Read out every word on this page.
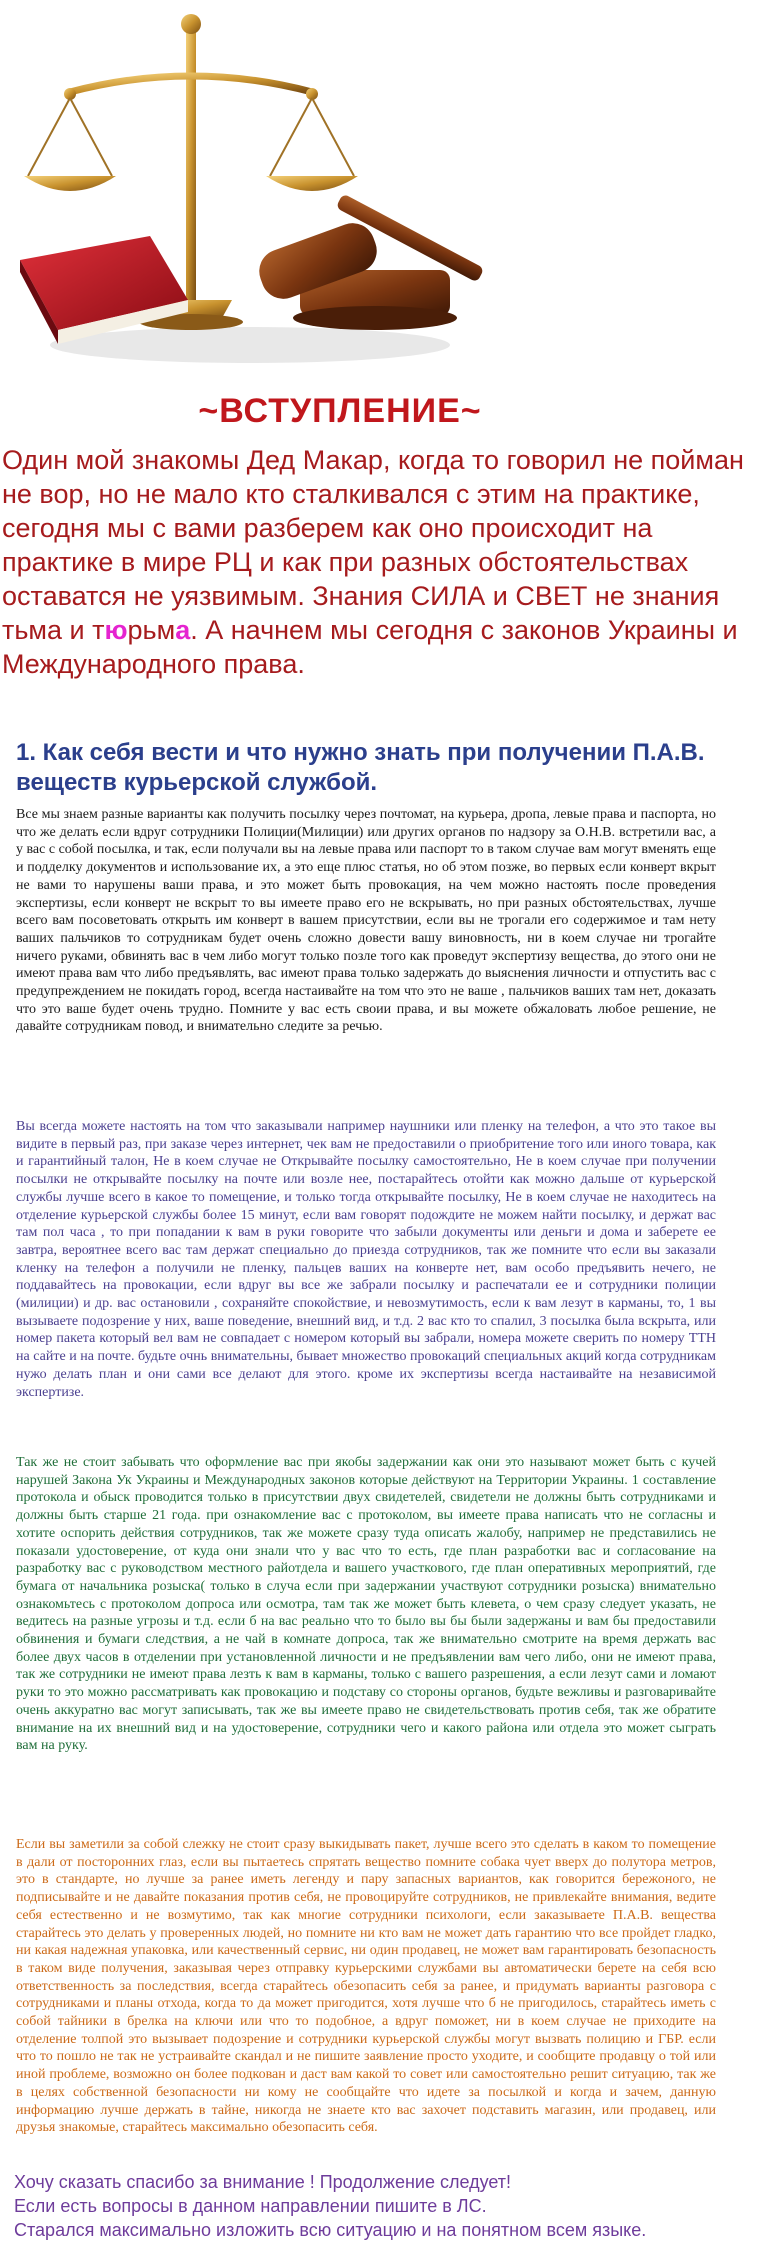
~ВСТУПЛЕНИЕ~
Один мой знакомы Дед Макар, когда то говорил не пойман не вор, но не мало кто сталкивался с этим на практике, сегодня мы с вами разберем как оно происходит на практике в мире РЦ и как при разных обстоятельствах оставатся не уязвимым. Знания СИЛА и СВЕТ не знания тьма и тюрьма. А начнем мы сегодня с законов Украины и Международного права.
1. Как себя вести и что нужно знать при получении П.А.В. веществ курьерской службой.
Все мы знаем разные варианты как получить посылку через почтомат, на курьера, дропа, левые права и паспорта, но что же делать если вдруг сотрудники Полиции(Милиции) или других органов по надзору за О.Н.В. встретили вас, а у вас с собой посылка, и так, если получали вы на левые права или паспорт то в таком случае вам могут вменять еще и подделку документов и использование их, а это еще плюс статья, но об этом позже, во первых если конверт вкрыт не вами то нарушены ваши права, и это может быть провокация, на чем можно настоять после проведения экспертизы, если конверт не вскрыт то вы имеете право его не вскрывать, но при разных обстоятельствах, лучше всего вам посоветовать открыть им конверт в вашем присутствии, если вы не трогали его содержимое и там нету ваших пальчиков то сотрудникам будет очень сложно довести вашу виновность, ни в коем случае ни трогайте ничего руками, обвинять вас в чем либо могут только позле того как проведут экспертизу вещества, до этого они не имеют права вам что либо предъявлять, вас имеют права только задержать до выяснения личности и отпустить вас с предупреждением не покидать город, всегда настаивайте на том что это не ваше , пальчиков ваших там нет, доказать что это ваше будет очень трудно. Помните у вас есть своии права, и вы можете обжаловать любое решение, не давайте сотрудникам повод, и внимательно следите за речью.
Вы всегда можете настоять на том что заказывали например наушники или пленку на телефон, а что это такое вы видите в первый раз, при заказе через интернет, чек вам не предоставили о приобритение того или иного товара, как и гарантийный талон, Не в коем случае не Открывайте посылку самостоятельно, Не в коем случае при получении посылки не открывайте посылку на почте или возле нее, постарайтесь отойти как можно дальше от курьерской службы лучше всего в какое то помещение, и только тогда открывайте посылку, Не в коем случае не находитесь на отделение курьерской службы более 15 минут, если вам говорят подождите не можем найти посылку, и держат вас там пол часа , то при попадании к вам в руки говорите что забыли документы или деньги и дома и заберете ее завтра, вероятнее всего вас там держат специально до приезда сотрудников, так же помните что если вы заказали кленку на телефон а получили не пленку, пальцев ваших на конверте нет, вам особо предъявить нечего, не поддавайтесь на провокации, если вдруг вы все же забрали посылку и распечатали ее и сотрудники полиции (милиции) и др. вас остановили , сохраняйте спокойствие, и невозмутимость, если к вам лезут в карманы, то, 1 вы вызываете подозрение у них, ваше поведение, внешний вид, и т.д. 2 вас кто то спалил, 3 посылка была вскрыта, или номер пакета который вел вам не совпадает с номером который вы забрали, номера можете сверить по номеру ТТН на сайте и на почте. будьте очнь внимательны, бывает множество провокаций специальных акций когда сотрудникам нужо делать план и они сами все делают для этого. кроме их экспертизы всегда настаивайте на независимой экспертизе.
Так же не стоит забывать что оформление вас при якобы задержании как они это называют может быть с кучей нарушей Закона Ук Украины и Международных законов которые действуют на Территории Украины. 1 составление протокола и обыск проводится только в присутствии двух свидетелей, свидетели не должны быть сотрудниками и должны быть старше 21 года. при ознакомление вас с протоколом, вы имеете права написать что не согласны и хотите оспорить действия сотрудников, так же можете сразу туда описать жалобу, например не представились не показали удостоверение, от куда они знали что у вас что то есть, где план разработки вас и согласование на разработку вас с руководством местного райотдела и вашего участкового, где план оперативных мероприятий, где бумага от начальника розыска( только в случа если при задержании участвуют сотрудники розыска) внимательно ознакомьтесь с протоколом допроса или осмотра, там так же может быть клевета, о чем сразу следует указать, не ведитесь на разные угрозы и т.д. если б на вас реально что то было вы бы были задержаны и вам бы предоставили обвинения и бумаги следствия, а не чай в комнате допроса, так же внимательно смотрите на время держать вас более двух часов в отделении при установленной личности и не предъявлении вам чего либо, они не имеют права, так же сотрудники не имеют права лезть к вам в карманы, только с вашего разрешения, а если лезут сами и ломают руки то это можно рассматривать как провокацию и подставу со стороны органов, будьте вежливы и разговаривайте очень аккуратно вас могут записывать, так же вы имеете право не свидетельствовать против себя, так же обратите внимание на их внешний вид и на удостоверение, сотрудники чего и какого района или отдела это может сыграть вам на руку.
Если вы заметили за собой слежку не стоит сразу выкидывать пакет, лучше всего это сделать в каком то помещение в дали от посторонних глаз, если вы пытаетесь спрятать вещество помните собака чует вверх до полутора метров, это в стандарте, но лучше за ранее иметь легенду и пару запасных вариантов, как говорится бережоного, не подписывайте и не давайте показания против себя, не провоцируйте сотрудников, не привлекайте внимания, ведите себя естественно и не возмутимо, так как многие сотрудники психологи, если заказываете П.А.В. вещества старайтесь это делать у проверенных людей, но помните ни кто вам не может дать гарантию что все пройдет гладко, ни какая надежная упаковка, или качественный сервис, ни один продавец, не может вам гарантировать безопасность в таком виде получения, заказывая через отправку курьерскими службами вы автоматически берете на себя всю ответственность за последствия, всегда старайтесь обезопасить себя за ранее, и придумать варианты разговора с сотрудниками и планы отхода, когда то да может пригодится, хотя лучше что б не пригодилось, старайтесь иметь с собой тайники в брелка на ключи или что то подобное, а вдруг поможет, ни в коем случае не приходите на отделение толпой это вызывает подозрение и сотрудники курьерской службы могут вызвать полицию и ГБР. если что то пошло не так не устраивайте скандал и не пишите заявление просто уходите, и сообщите продавцу о той или иной проблеме, возможно он более подкован и даст вам какой то совет или самостоятельно решит ситуацию, так же в целях собственной безопасности ни кому не сообщайте что идете за посылкой и когда и зачем, данную информацию лучше держать в тайне, никогда не знаете кто вас захочет подставить магазин, или продавец, или друзья знакомые, старайтесь максимально обезопасить себя.
Хочу сказать спасибо за внимание ! Продолжение следует!
Если есть вопросы в данном направлении пишите в ЛС.
Старался максимально изложить всю ситуацию и на понятном всем языке.
